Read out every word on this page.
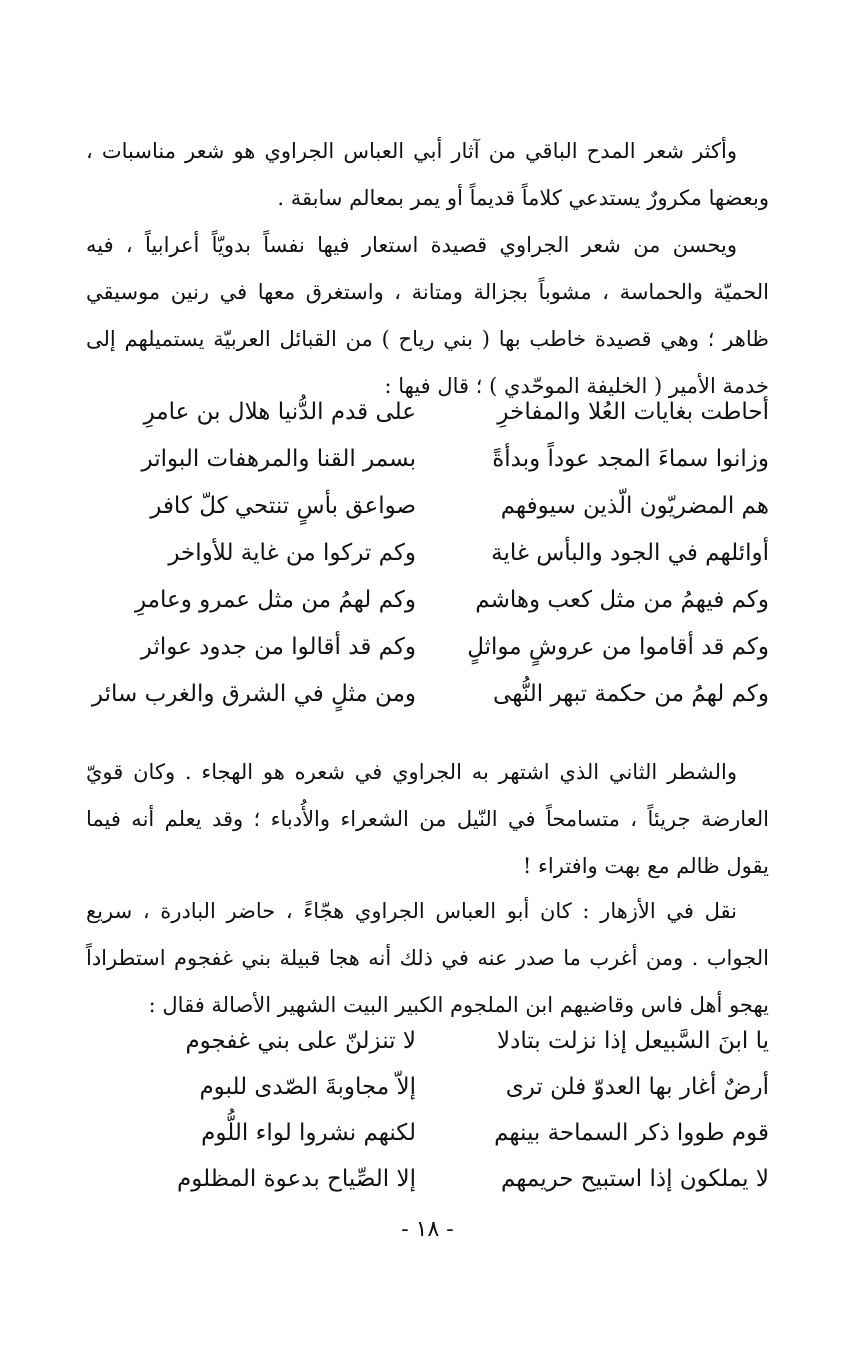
وأكثر شعر المدح الباقي من آثار أبي العباس الجراوي هو شعر مناسبات ، وبعضها مكرورٌ يستدعي كلاماً قديماً أو يمر بمعالم سابقة .

ويحسن من شعر الجراوي قصيدة استعار فيها نفساً بدويّاً أعرابياً ، فيه الحميّة والحماسة ، مشوباً بجزالة ومتانة ، واستغرق معها في رنين موسيقي ظاهر ؛ وهي قصيدة خاطب بها ( بني رياح ) من القبائل العربيّة يستميلهم إلى خدمة الأمير ( الخليفة الموحّدي ) ؛ قال فيها :

أحاطت بغايات العُلا والمفاخرِ
على قدم الدُّنيا هلال بن عامرِ
وزانوا سماءَ المجد عوداً وبدأةً
بسمر القنا والمرهفات البواتر
هم المضريّون الّذين سيوفهم
صواعق بأسٍ تنتحي كلّ كافر
أوائلهم في الجود والبأس غاية
وكم تركوا من غاية للأواخر
وكم فيهمُ من مثل كعب وهاشم
وكم لهمُ من مثل عمرو وعامرِ
وكم قد أقاموا من عروشٍ مواثلٍ
وكم قد أقالوا من جدود عواثر
وكم لهمُ من حكمة تبهر النُّهى
ومن مثلٍ في الشرق والغرب سائر

والشطر الثاني الذي اشتهر به الجراوي في شعره هو الهجاء . وكان قويّ العارضة جريئاً ، متسامحاً في النّيل من الشعراء والأُدباء ؛ وقد يعلم أنه فيما يقول ظالم مع بهت وافتراء !

نقل في الأزهار : كان أبو العباس الجراوي هجّاءً ، حاضر البادرة ، سريع الجواب . ومن أغرب ما صدر عنه في ذلك أنه هجا قبيلة بني غفجوم استطراداً يهجو أهل فاس وقاضيهم ابن الملجوم الكبير البيت الشهير الأصالة فقال :

يا ابنَ السَّبيعل إذا نزلت بتادلا
لا تنزلنّ على بني غفجوم
أرضٌ أغار بها العدوّ فلن ترى
إلاّ مجاوبةَ الصّدى للبوم
قوم طووا ذكر السماحة بينهم
لكنهم نشروا لواء اللُّوم
لا يملكون إذا استبيح حريمهم
إلا الصِّياح بدعوة المظلوم
- ١٨ -
